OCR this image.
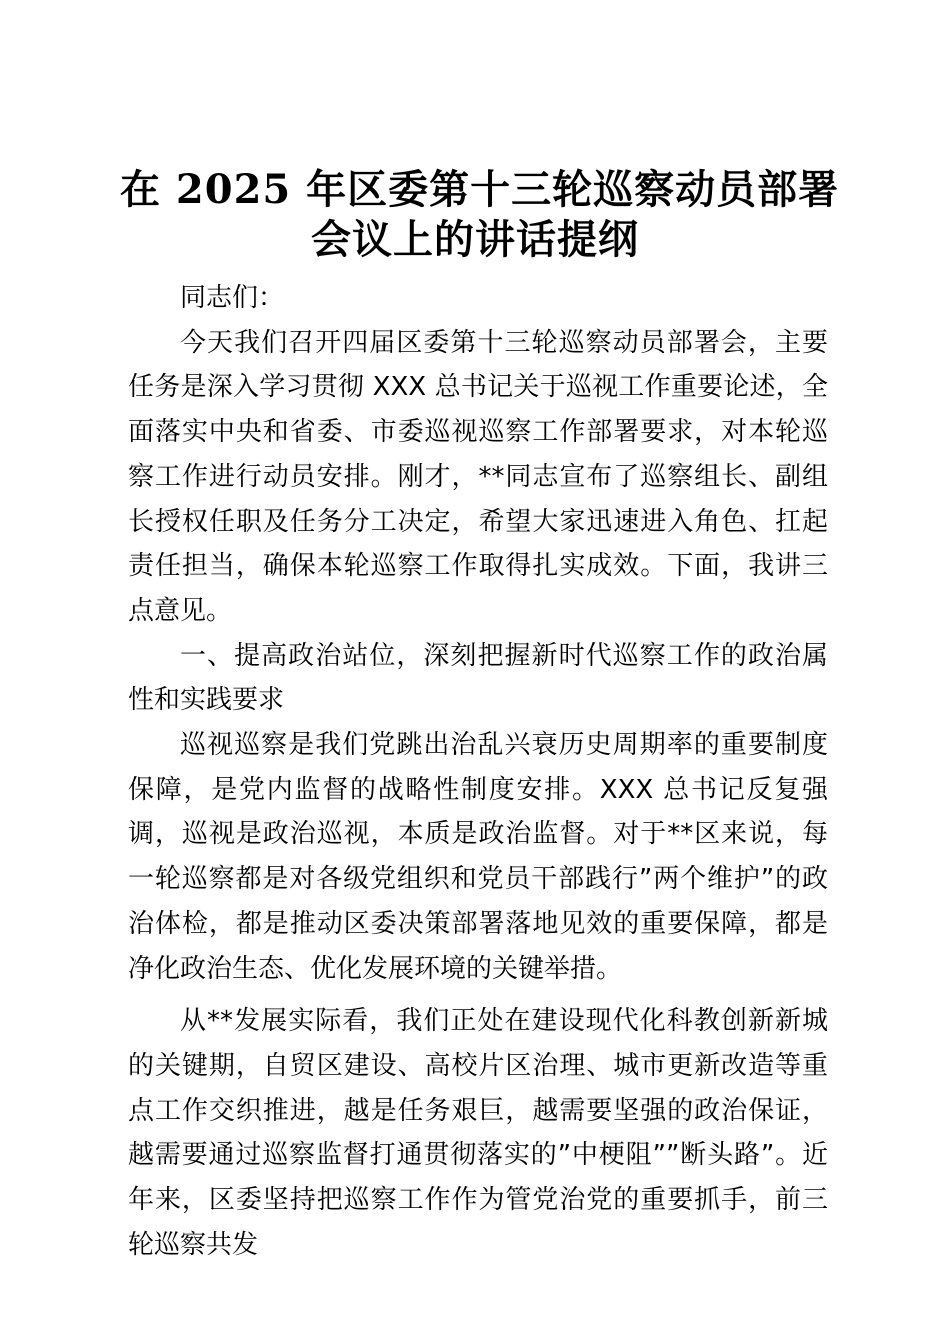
在 2025 年区委第十三轮巡察动员部署
会议上的讲话提纲

同志们：

今天我们召开四届区委第十三轮巡察动员部署会，主要任务是深入学习贯彻 XXX 总书记关于巡视工作重要论述，全面落实中央和省委、市委巡视巡察工作部署要求，对本轮巡察工作进行动员安排。刚才，**同志宣布了巡察组长、副组长授权任职及任务分工决定，希望大家迅速进入角色、扛起责任担当，确保本轮巡察工作取得扎实成效。下面，我讲三点意见。

一、提高政治站位，深刻把握新时代巡察工作的政治属性和实践要求

巡视巡察是我们党跳出治乱兴衰历史周期率的重要制度保障，是党内监督的战略性制度安排。XXX 总书记反复强调，巡视是政治巡视，本质是政治监督。对于**区来说，每一轮巡察都是对各级党组织和党员干部践行”两个维护”的政治体检，都是推动区委决策部署落地见效的重要保障，都是净化政治生态、优化发展环境的关键举措。

从**发展实际看，我们正处在建设现代化科教创新新城的关键期，自贸区建设、高校片区治理、城市更新改造等重点工作交织推进，越是任务艰巨，越需要坚强的政治保证，越需要通过巡察监督打通贯彻落实的”中梗阻””断头路”。近年来，区委坚持把巡察工作作为管党治党的重要抓手，前三轮巡察共发
